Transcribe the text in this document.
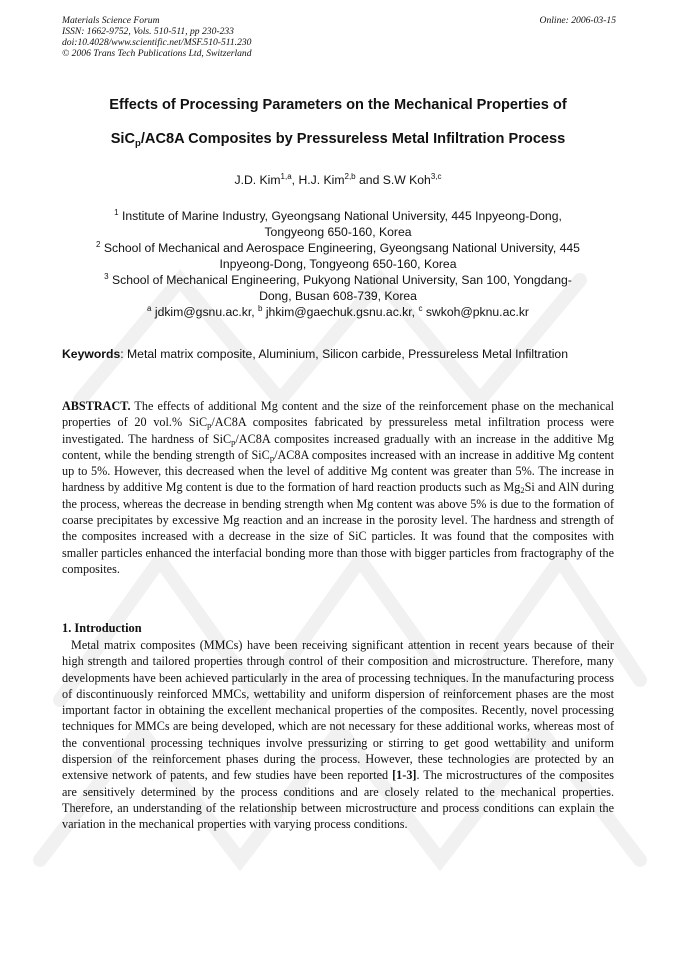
Materials Science Forum
ISSN: 1662-9752, Vols. 510-511, pp 230-233
doi:10.4028/www.scientific.net/MSF.510-511.230
© 2006 Trans Tech Publications Ltd, Switzerland
Online: 2006-03-15
Effects of Processing Parameters on the Mechanical Properties of
SiC$_p$/AC8A Composites by Pressureless Metal Infiltration Process
J.D. Kim$^{1,a}$, H.J. Kim$^{2,b}$ and S.W Koh$^{3,c}$
$^1$ Institute of Marine Industry, Gyeongsang National University, 445 Inpyeong-Dong,
Tongyeong 650-160, Korea
$^2$ School of Mechanical and Aerospace Engineering, Gyeongsang National University, 445
Inpyeong-Dong, Tongyeong 650-160, Korea
$^3$ School of Mechanical Engineering, Pukyong National University, San 100, Yongdang-
Dong, Busan 608-739, Korea
$^a$ jdkim@gsnu.ac.kr, $^b$ jhkim@gaechuk.gsnu.ac.kr, $^c$ swkoh@pknu.ac.kr
Keywords: Metal matrix composite, Aluminium, Silicon carbide, Pressureless Metal Infiltration
ABSTRACT. The effects of additional Mg content and the size of the reinforcement phase on the mechanical properties of 20 vol.% SiC$_p$/AC8A composites fabricated by pressureless metal infiltration process were investigated. The hardness of SiC$_p$/AC8A composites increased gradually with an increase in the additive Mg content, while the bending strength of SiC$_p$/AC8A composites increased with an increase in additive Mg content up to 5%. However, this decreased when the level of additive Mg content was greater than 5%. The increase in hardness by additive Mg content is due to the formation of hard reaction products such as $Mg_2Si$ and AlN during the process, whereas the decrease in bending strength when Mg content was above 5% is due to the formation of coarse precipitates by excessive Mg reaction and an increase in the porosity level. The hardness and strength of the composites increased with a decrease in the size of SiC particles. It was found that the composites with smaller particles enhanced the interfacial bonding more than those with bigger particles from fractography of the composites.
1. Introduction
Metal matrix composites (MMCs) have been receiving significant attention in recent years because of their high strength and tailored properties through control of their composition and microstructure. Therefore, many developments have been achieved particularly in the area of processing techniques. In the manufacturing process of discontinuously reinforced MMCs, wettability and uniform dispersion of reinforcement phases are the most important factor in obtaining the excellent mechanical properties of the composites. Recently, novel processing techniques for MMCs are being developed, which are not necessary for these additional works, whereas most of the conventional processing techniques involve pressurizing or stirring to get good wettability and uniform dispersion of the reinforcement phases during the process. However, these technologies are protected by an extensive network of patents, and few studies have been reported [1-3]. The microstructures of the composites are sensitively determined by the process conditions and are closely related to the mechanical properties. Therefore, an understanding of the relationship between microstructure and process conditions can explain the variation in the mechanical properties with varying process conditions.
